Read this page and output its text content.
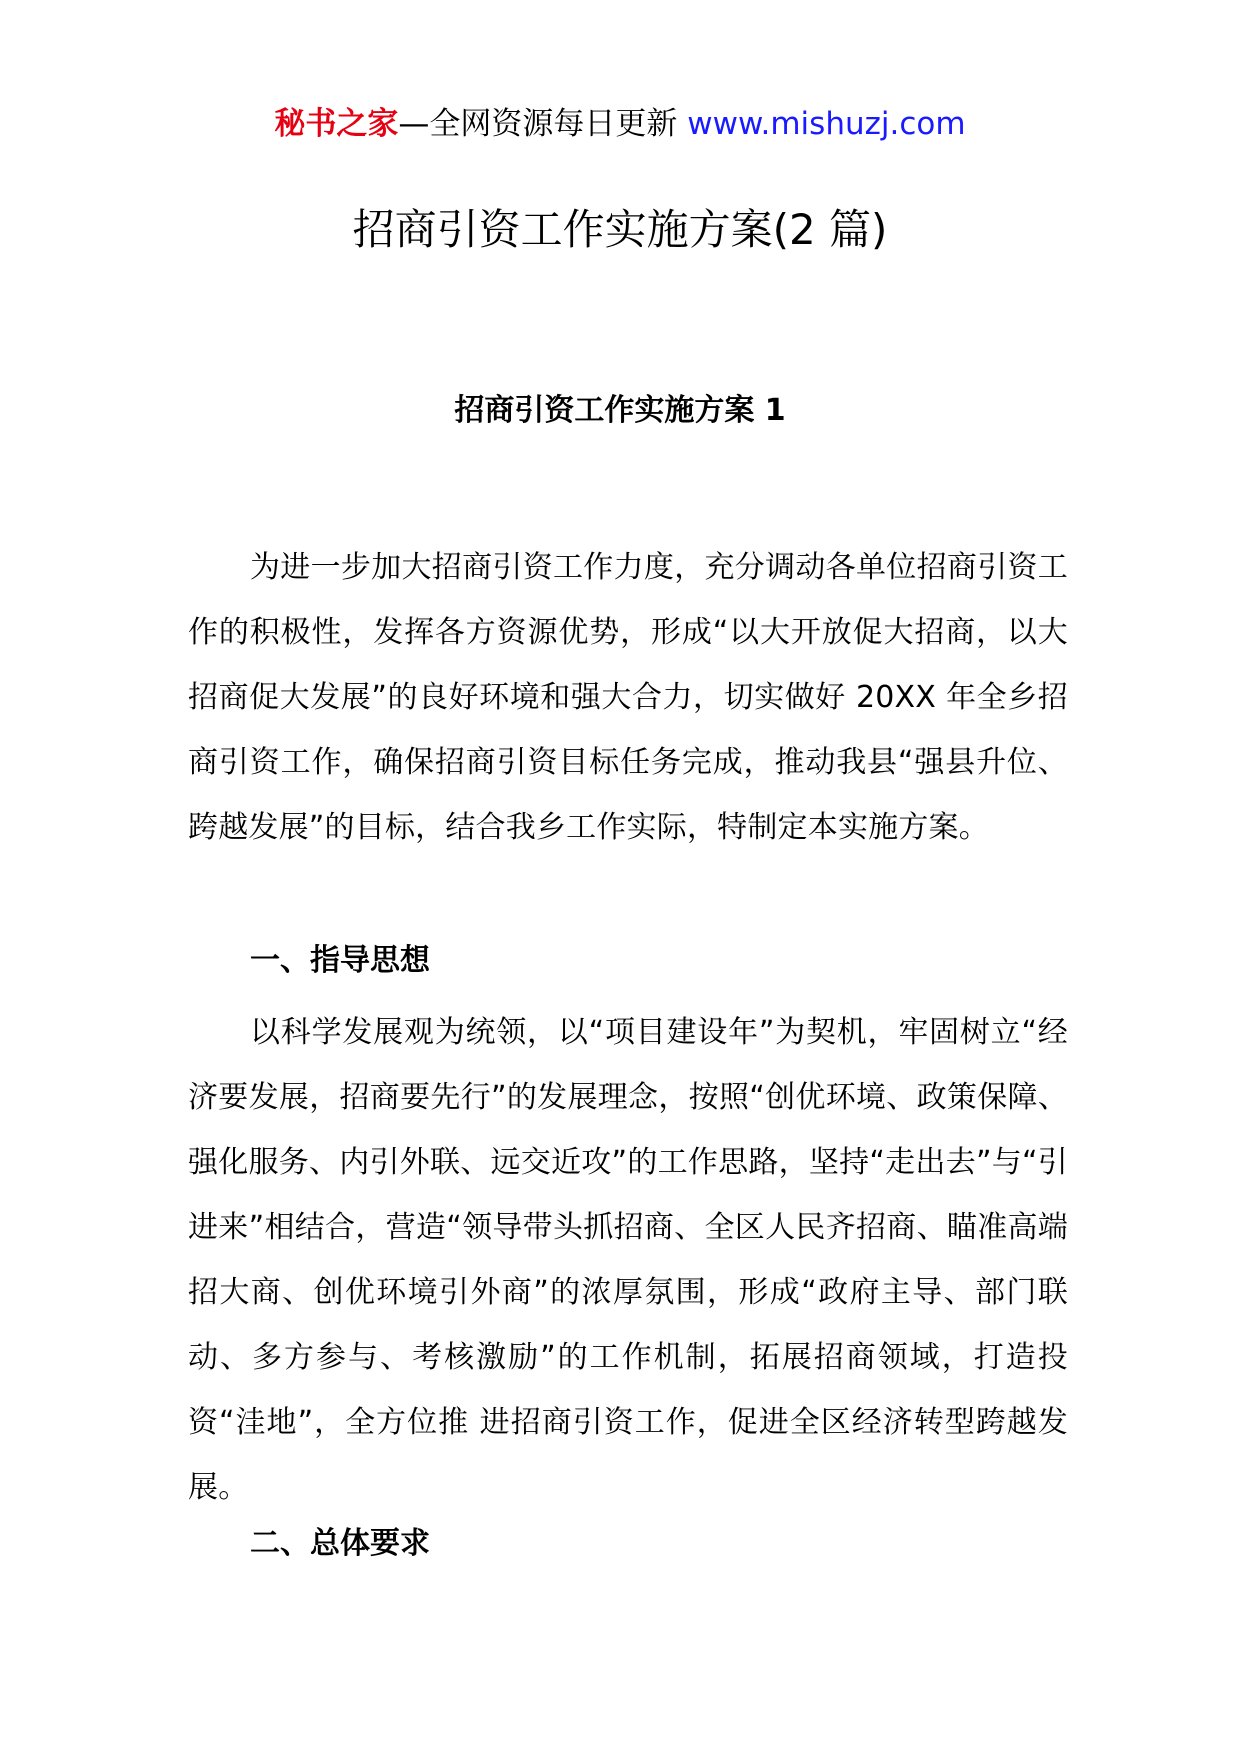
秘书之家—全网资源每日更新 www.mishuzj.com
招商引资工作实施方案(2 篇)
招商引资工作实施方案 1

为进一步加大招商引资工作力度，充分调动各单位招商引资工作的积极性，发挥各方资源优势，形成“以大开放促大招商，以大招商促大发展”的良好环境和强大合力，切实做好 20XX 年全乡招商引资工作，确保招商引资目标任务完成，推动我县“强县升位、跨越发展”的目标，结合我乡工作实际，特制定本实施方案。

一、指导思想

以科学发展观为统领，以“项目建设年”为契机，牢固树立“经济要发展，招商要先行”的发展理念，按照“创优环境、政策保障、强化服务、内引外联、远交近攻”的工作思路，坚持“走出去”与“引进来”相结合，营造“领导带头抓招商、全区人民齐招商、瞄准高端招大商、创优环境引外商”的浓厚氛围，形成“政府主导、部门联动、多方参与、考核激励”的工作机制，拓展招商领域，打造投资“洼地”，全方位推 进招商引资工作，促进全区经济转型跨越发展。

二、总体要求
